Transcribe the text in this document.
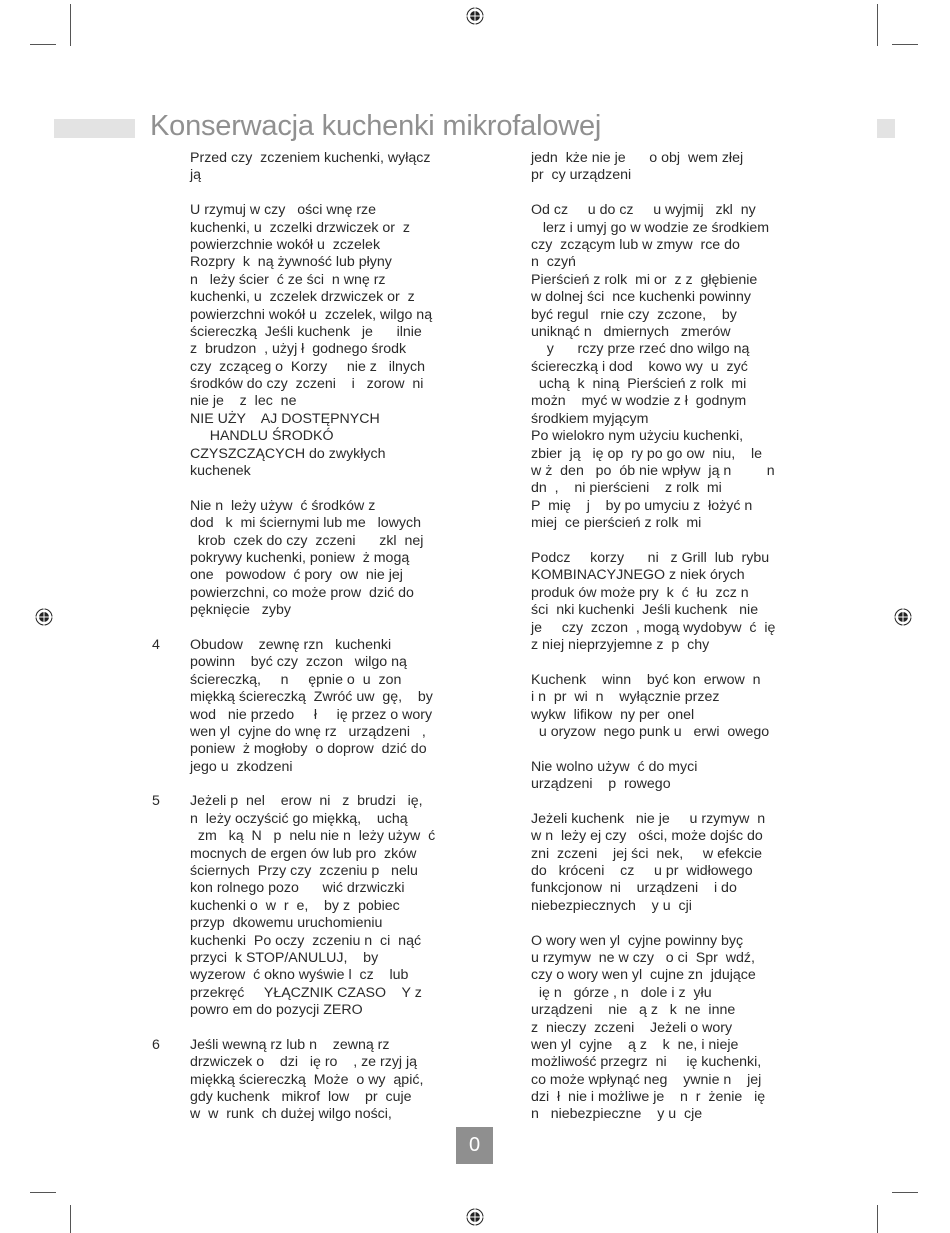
Konserwacja kuchenki mikrofalowej
Przed czy  zczeniem kuchenki, wyłącz
ją
U rzymuj w czy   ości wnę rze
kuchenki, u  zczelki drzwiczek or  z
powierzchnie wokół u  zczelek
Rozpry  k  ną żywność lub płyny
n   leży ścier  ć ze ści  n wnę rz
kuchenki, u  zczelek drzwiczek or  z
powierzchni wokół u  zczelek, wilgo ną
ściereczką  Jeśli kuchenk   je      ilnie
z  brudzon  , użyj ł  godnego środk
czy  zcząceg o  Korzy     nie z   ilnych
środków do czy  zczeni    i   zorow  ni
nie je    z  lec  ne
NIE UŻY    AJ DOSTĘPNYCH
HANDLU ŚRODKÓ
CZYSZCZĄCYCH do zwykłych
kuchenek
Nie n  leży używ  ć środków z
dod   k  mi ściernymi lub me   lowych
krob  czek do czy  zczeni      zkl  nej
pokrywy kuchenki, poniew  ż mogą
one   powodow  ć pory  ow  nie jej
powierzchni, co może prow  dzić do
pęknięcie   zyby
4 Obudow    zewnę rzn   kuchenki
powinn    być czy  zczon   wilgo ną
ściereczką,     n     ępnie o  u  zon
miękką ściereczką  Zwróć uw  gę,    by
wod   nie przedo     ł     ię przez o wory
wen yl  cyjne do wnę rz   urządzeni   ,
poniew  ż mogłoby  o doprow  dzić do
jego u  zkodzeni
5 Jeżeli p  nel    erow  ni   z  brudzi   ię,
n  leży oczyścić go miękką,    uchą
zm   ką  N   p  nelu nie n  leży używ  ć
mocnych de ergen ów lub pro  zków
ściernych  Przy czy  zczeniu p   nelu
kon rolnego pozo      wić drzwiczki
kuchenki o  w  r  e,    by z  pobiec
przyp  dkowemu uruchomieniu
kuchenki  Po oczy  zczeniu n  ci  nąć
przyci  k STOP/ANULUJ,    by
wyzerow  ć okno wyświe l  cz    lub
przekręć     YŁĄCZNIK CZASO    Y z
powro em do pozycji ZERO
6 Jeśli wewną rz lub n    zewną rz
drzwiczek o    dzi   ię ro    , ze rzyj ją
miękką ściereczką  Może  o wy  ąpić,
gdy kuchenk   mikrof  low    pr  cuje
w  w  runk  ch dużej wilgo ności,
jedn  kże nie je      o obj  wem złej
pr  cy urządzeni
Od cz     u do cz     u wyjmij   zkl  ny
lerz i umyj go w wodzie ze środkiem
czy  zczącym lub w zmyw  rce do
n  czyń
Pierścień z rolk  mi or  z z  głębienie
w dolnej ści  nce kuchenki powinny
być regul   rnie czy  zczone,    by
uniknąć n   dmiernych   zmerów
y      rczy prze rzeć dno wilgo ną
ściereczką i dod    kowo wy  u  zyć
uchą  k  niną  Pierścień z rolk  mi
możn    myć w wodzie z ł  godnym
środkiem myjącym
Po wielokro nym użyciu kuchenki,
zbier  ją   ię op  ry po go ow  niu,    le
w ż  den   po  ób nie wpływ  ją n         n
dn  ,    ni pierścieni    z rolk  mi
P  mię    j    by po umyciu z  łożyć n
miej  ce pierścień z rolk  mi
Podcz     korzy      ni   z Grill  lub  rybu
KOMBINACYJNEGO z niek órych
produk ów może pry  k  ć  łu  zcz n
ści  nki kuchenki  Jeśli kuchenk   nie
je     czy  zczon  , mogą wydobyw  ć  ię
z niej nieprzyjemne z  p  chy
Kuchenk    winn    być kon  erwow  n
i n  pr  wi  n    wyłącznie przez
wykw  lifikow  ny per  onel
u oryzow  nego punk u   erwi  owego
Nie wolno używ  ć do myci
urządzeni    p  rowego
Jeżeli kuchenk   nie je     u rzymyw  n
w n  leży ej czy   ości, może dojśc do
zni  zczeni    jej ści  nek,     w efekcie
do   króceni    cz     u pr  widłowego
funkcjonow  ni    urządzeni    i do
niebezpiecznych    y u  cji
O wory wen yl  cyjne powinny byç
u rzymyw  ne w czy   o ci  Spr  wdź,
czy o wory wen yl  cujne zn  jdujące
ię n   górze , n   dole i z  yłu
urządzeni    nie   ą z   k  ne  inne
z  nieczy  zczeni    Jeżeli o wory
wen yl  cyjne    ą z    k  ne, i nieje
możliwość przegrz  ni     ię kuchenki,
co może wpłynąć neg    ywnie n    jej
dzi  ł  nie i możliwe je    n  r  żenie   ię
n   niebezpieczne    y u  cje
0
